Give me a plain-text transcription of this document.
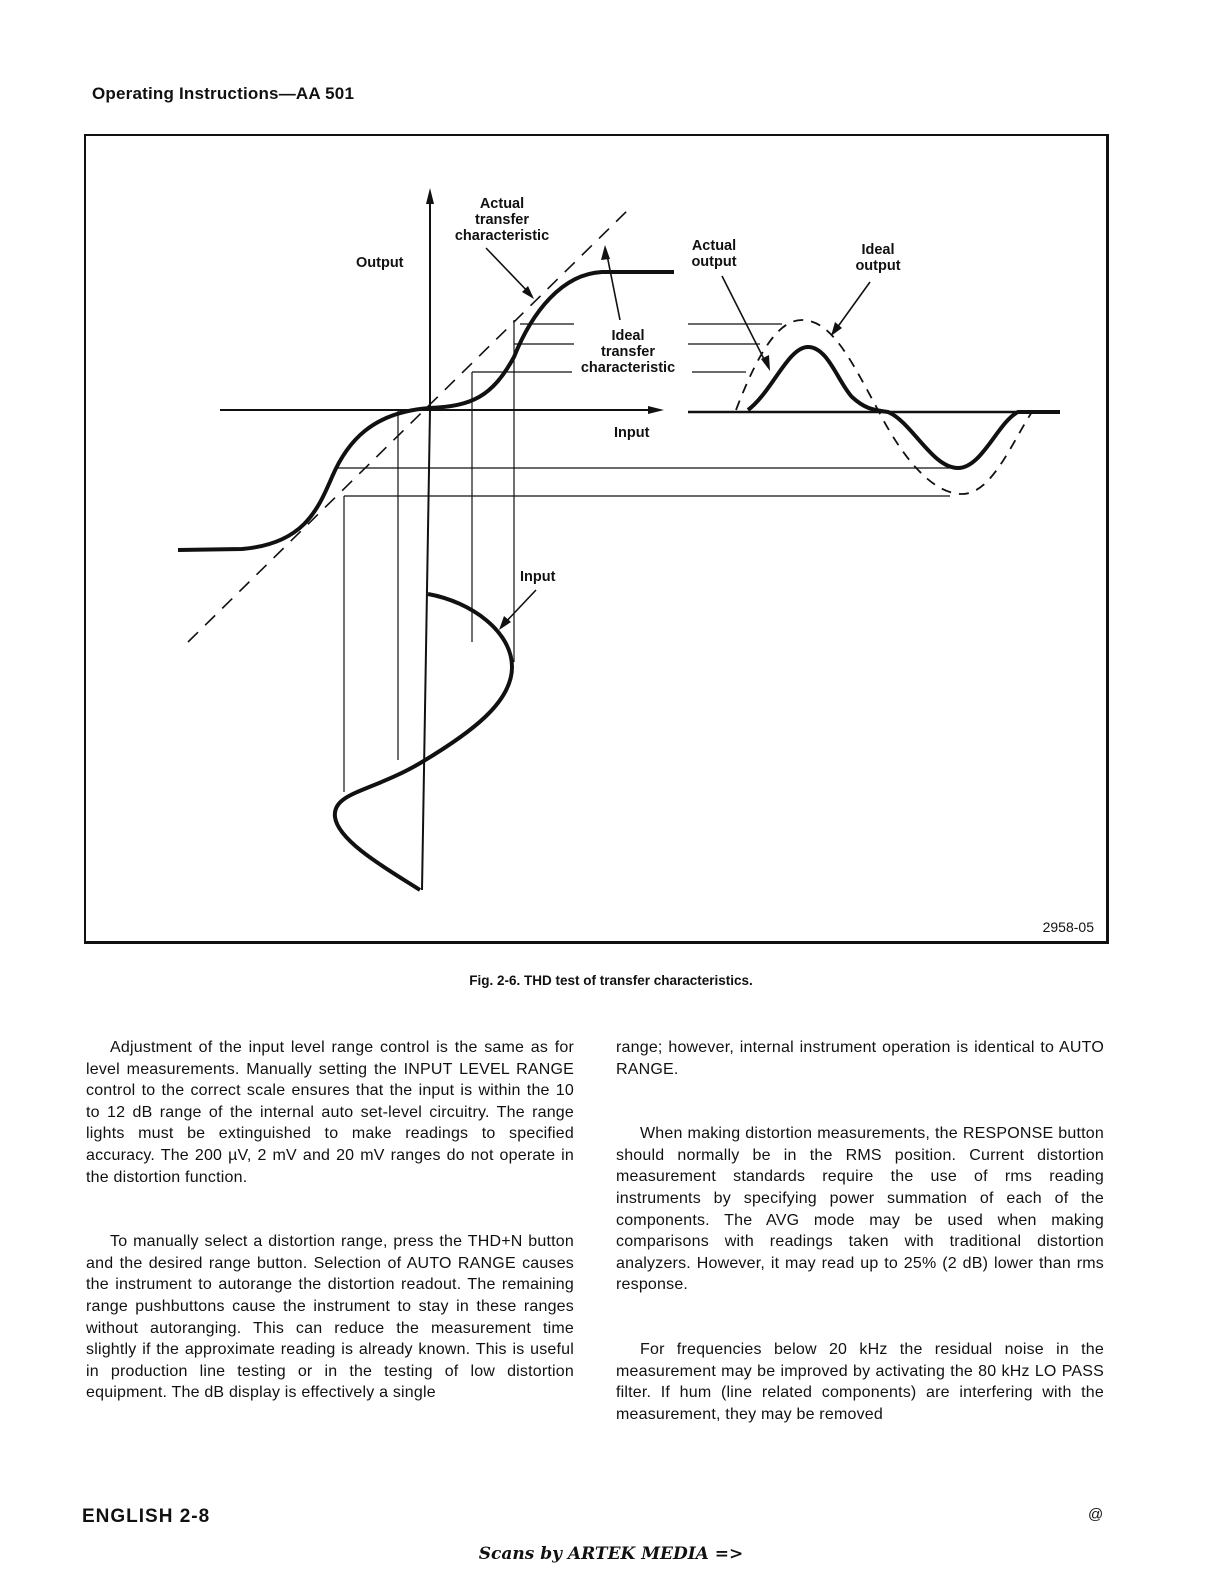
Operating Instructions—AA 501
Output
Input
Actual
transfer
characteristic
Ideal
transfer
characteristic
Actual
output
Ideal
output
Input
2958-05
Fig. 2-6. THD test of transfer characteristics.

Adjustment of the input level range control is the same as for level measurements. Manually setting the INPUT LEVEL RANGE control to the correct scale ensures that the input is within the 10 to 12 dB range of the internal auto set-level circuitry. The range lights must be extinguished to make readings to specified accuracy. The 200 µV, 2 mV and 20 mV ranges do not operate in the distortion function.

To manually select a distortion range, press the THD+N button and the desired range button. Selection of AUTO RANGE causes the instrument to autorange the distortion readout. The remaining range pushbuttons cause the instrument to stay in these ranges without autoranging. This can reduce the measurement time slightly if the approximate reading is already known. This is useful in production line testing or in the testing of low distortion equipment. The dB display is effectively a single

range; however, internal instrument operation is identical to AUTO RANGE.

When making distortion measurements, the RESPONSE button should normally be in the RMS position. Current distortion measurement standards require the use of rms reading instruments by specifying power summation of each of the components. The AVG mode may be used when making comparisons with readings taken with traditional distortion analyzers. However, it may read up to 25% (2 dB) lower than rms response.

For frequencies below 20 kHz the residual noise in the measurement may be improved by activating the 80 kHz LO PASS filter. If hum (line related components) are interfering with the measurement, they may be removed

ENGLISH 2-8	@
Scans by ARTEK MEDIA =>
